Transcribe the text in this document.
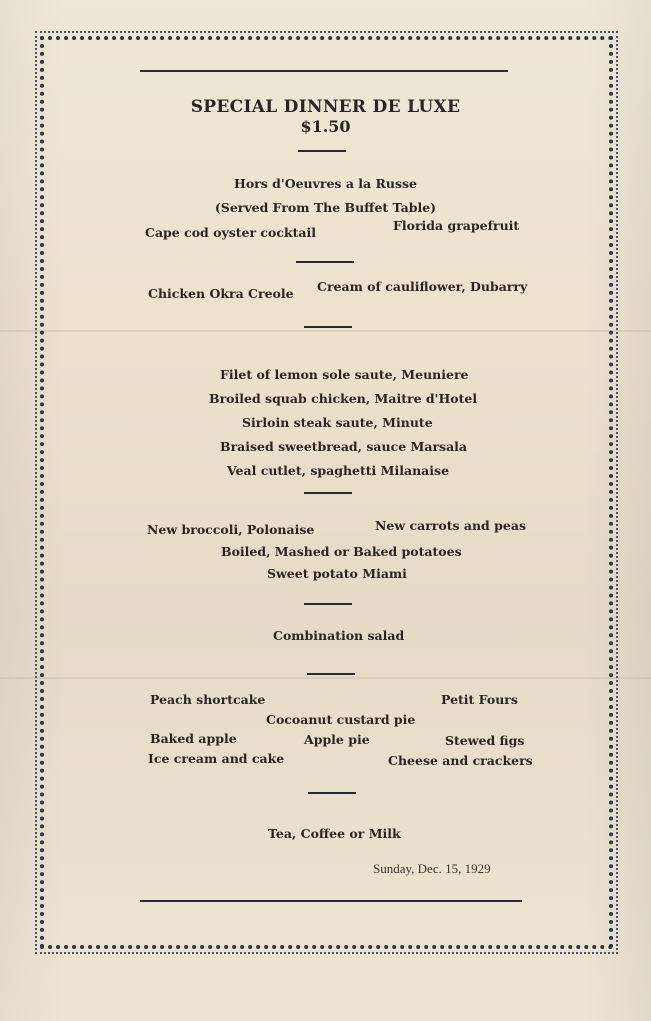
SPECIAL DINNER DE LUXE
$1.50
Hors d'Oeuvres a la Russe
(Served From The Buffet Table)
Cape cod oyster cocktail	Florida grapefruit
Chicken Okra Creole Cream of cauliflower, Dubarry
Filet of lemon sole saute, Meuniere
Broiled squab chicken, Maitre d'Hotel
Sirloin steak saute, Minute
Braised sweetbread, sauce Marsala
Veal cutlet, spaghetti Milanaise
New broccoli, Polonaise	New carrots and peas
Boiled, Mashed or Baked potatoes
Sweet potato Miami
Combination salad
Peach shortcake	Petit Fours
Cocoanut custard pie
Baked apple	Apple pie	Stewed figs
Ice cream and cake	Cheese and crackers
Tea, Coffee or Milk
Sunday, Dec. 15, 1929
